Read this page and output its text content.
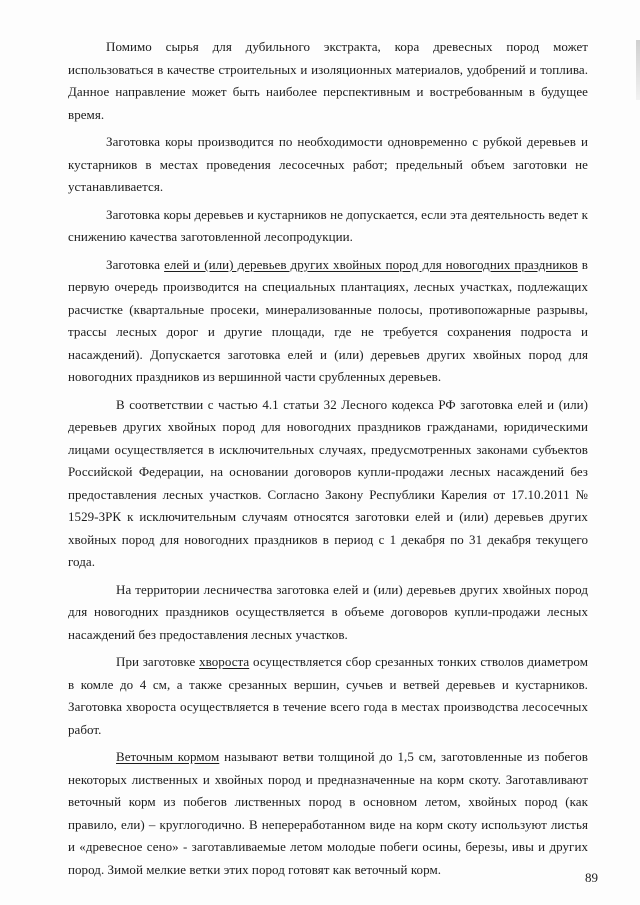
Помимо сырья для дубильного экстракта, кора древесных пород может использоваться в качестве строительных и изоляционных материалов, удобрений и топлива. Данное направление может быть наиболее перспективным и востребованным в будущее время.

Заготовка коры производится по необходимости одновременно с рубкой деревьев и кустарников в местах проведения лесосечных работ; предельный объем заготовки не устанавливается.

Заготовка коры деревьев и кустарников не допускается, если эта деятельность ведет к снижению качества заготовленной лесопродукции.

Заготовка елей и (или) деревьев других хвойных пород для новогодних праздников в первую очередь производится на специальных плантациях, лесных участках, подлежащих расчистке (квартальные просеки, минерализованные полосы, противопожарные разрывы, трассы лесных дорог и другие площади, где не требуется сохранения подроста и насаждений). Допускается заготовка елей и (или) деревьев других хвойных пород для новогодних праздников из вершинной части срубленных деревьев.

В соответствии с частью 4.1 статьи 32 Лесного кодекса РФ заготовка елей и (или) деревьев других хвойных пород для новогодних праздников гражданами, юридическими лицами осуществляется в исключительных случаях, предусмотренных законами субъектов Российской Федерации, на основании договоров купли-продажи лесных насаждений без предоставления лесных участков. Согласно Закону Республики Карелия от 17.10.2011 № 1529-ЗРК к исключительным случаям относятся заготовки елей и (или) деревьев других хвойных пород для новогодних праздников в период с 1 декабря по 31 декабря текущего года.

На территории лесничества заготовка елей и (или) деревьев других хвойных пород для новогодних праздников осуществляется в объеме договоров купли-продажи лесных насаждений без предоставления лесных участков.

При заготовке хвороста осуществляется сбор срезанных тонких стволов диаметром в комле до 4 см, а также срезанных вершин, сучьев и ветвей деревьев и кустарников. Заготовка хвороста осуществляется в течение всего года в местах производства лесосечных работ.

Веточным кормом называют ветви толщиной до 1,5 см, заготовленные из побегов некоторых лиственных и хвойных пород и предназначенные на корм скоту. Заготавливают веточный корм из побегов лиственных пород в основном летом, хвойных пород (как правило, ели) – круглогодично. В непереработанном виде на корм скоту используют листья и «древесное сено» - заготавливаемые летом молодые побеги осины, березы, ивы и других пород. Зимой мелкие ветки этих пород готовят как веточный корм.

89
